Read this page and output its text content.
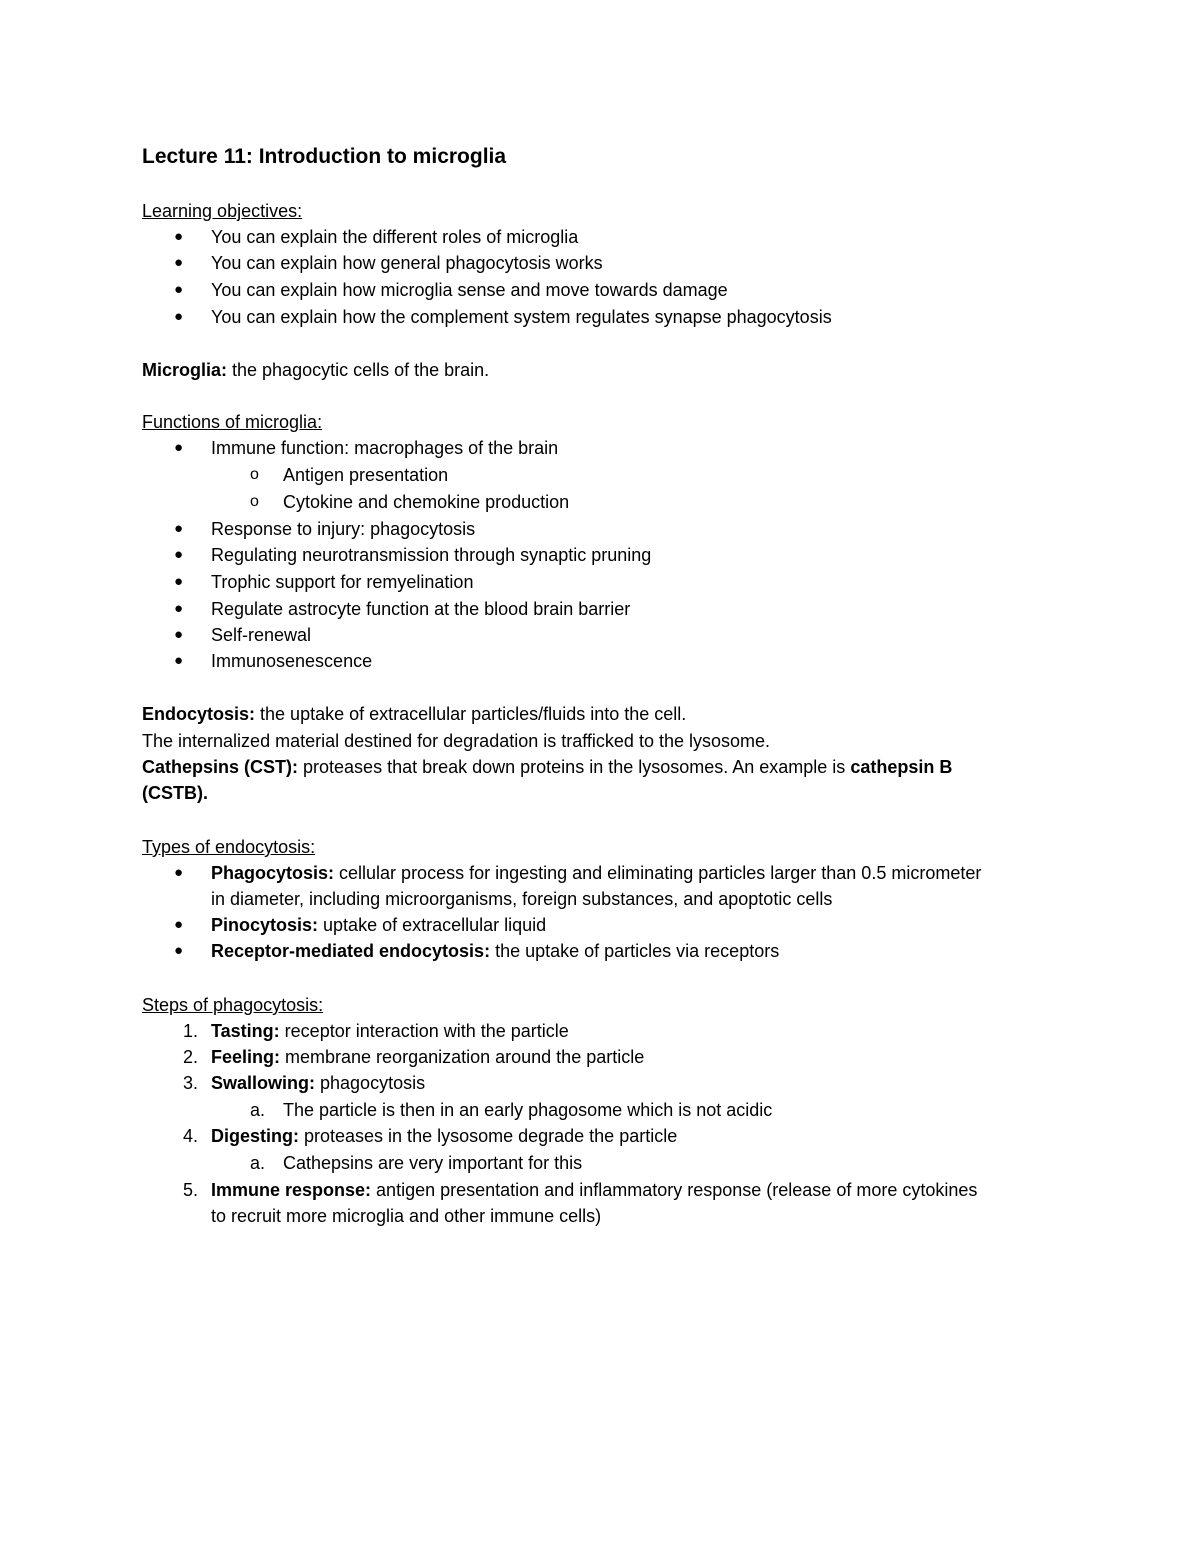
Lecture 11: Introduction to microglia
Learning objectives:
● You can explain the different roles of microglia
● You can explain how general phagocytosis works
● You can explain how microglia sense and move towards damage
● You can explain how the complement system regulates synapse phagocytosis
Microglia: the phagocytic cells of the brain.
Functions of microglia:
● Immune function: macrophages of the brain
o Antigen presentation
o Cytokine and chemokine production
● Response to injury: phagocytosis
● Regulating neurotransmission through synaptic pruning
● Trophic support for remyelination
● Regulate astrocyte function at the blood brain barrier
● Self-renewal
● Immunosenescence
Endocytosis: the uptake of extracellular particles/fluids into the cell.
The internalized material destined for degradation is trafficked to the lysosome.
Cathepsins (CST): proteases that break down proteins in the lysosomes. An example is cathepsin B
(CSTB).
Types of endocytosis:
● Phagocytosis: cellular process for ingesting and eliminating particles larger than 0.5 micrometer
in diameter, including microorganisms, foreign substances, and apoptotic cells
● Pinocytosis: uptake of extracellular liquid
● Receptor-mediated endocytosis: the uptake of particles via receptors
Steps of phagocytosis:
1. Tasting: receptor interaction with the particle
2. Feeling: membrane reorganization around the particle
3. Swallowing: phagocytosis
a. The particle is then in an early phagosome which is not acidic
4. Digesting: proteases in the lysosome degrade the particle
a. Cathepsins are very important for this
5. Immune response: antigen presentation and inflammatory response (release of more cytokines
to recruit more microglia and other immune cells)
